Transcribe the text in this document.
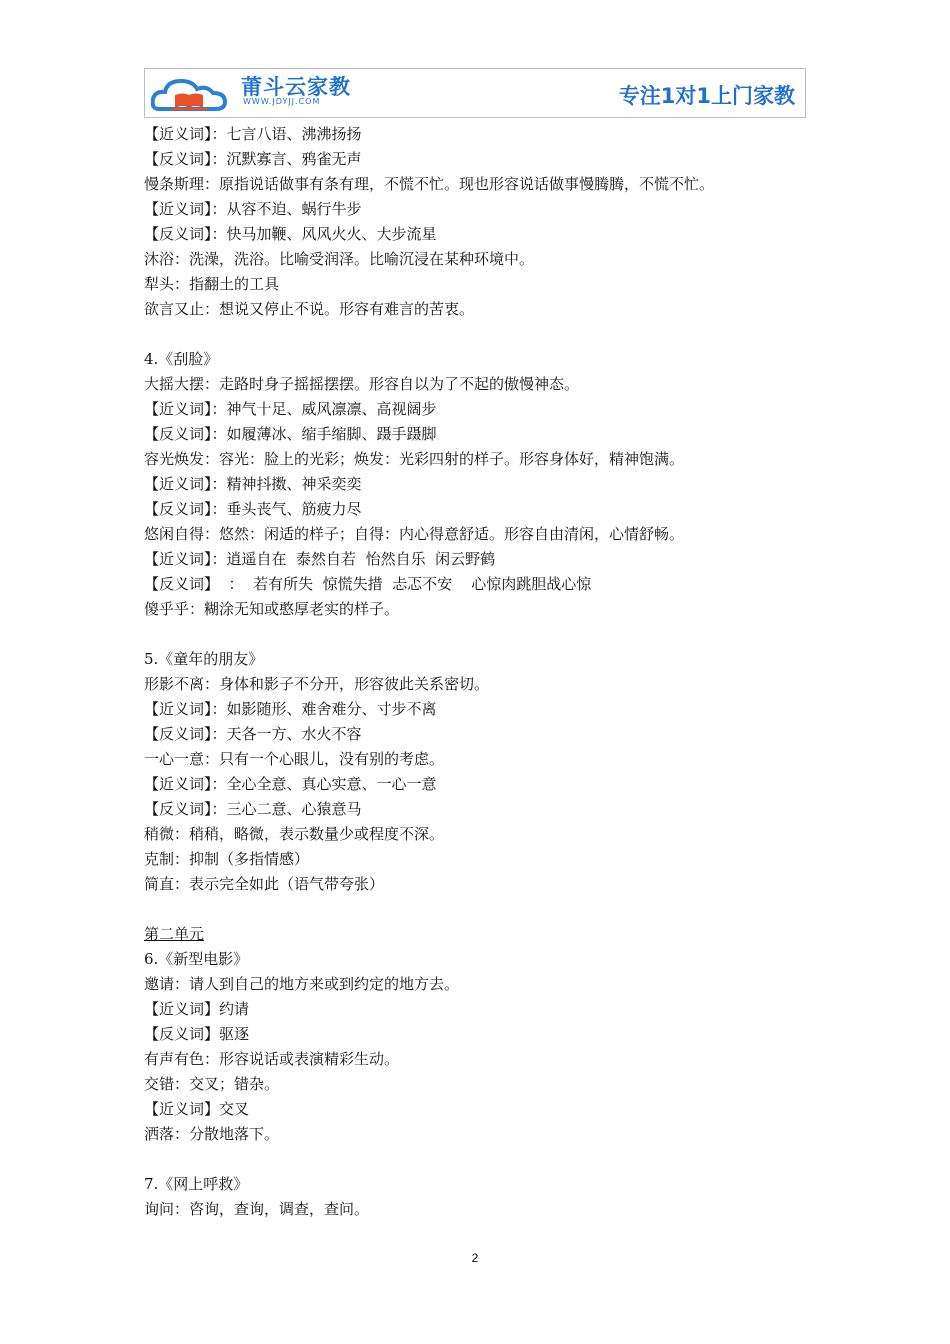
莆斗云家教
WWW.JDYJJ.COM	专注1对1上门家教
【近义词】：七言八语、沸沸扬扬
【反义词】：沉默寡言、鸦雀无声
慢条斯理：原指说话做事有条有理，不慌不忙。现也形容说话做事慢腾腾，不慌不忙。
【近义词】：从容不迫、蜗行牛步
【反义词】：快马加鞭、风风火火、大步流星
沐浴：洗澡，洗浴。比喻受润泽。比喻沉浸在某种环境中。
犁头：指翻土的工具
欲言又止：想说又停止不说。形容有难言的苦衷。
4.《刮脸》
大摇大摆：走路时身子摇摇摆摆。形容自以为了不起的傲慢神态。
【近义词】：神气十足、威风凛凛、高视阔步
【反义词】：如履薄冰、缩手缩脚、蹑手蹑脚
容光焕发：容光：脸上的光彩；焕发：光彩四射的样子。形容身体好，精神饱满。
【近义词】：精神抖擞、神采奕奕
【反义词】：垂头丧气、筋疲力尽
悠闲自得：悠然：闲适的样子；自得：内心得意舒适。形容自由清闲，心情舒畅。
【近义词】：逍遥自在  泰然自若  怡然自乐  闲云野鹤
【反义词】  ：  若有所失  惊慌失措  忐忑不安    心惊肉跳胆战心惊
傻乎乎：糊涂无知或憨厚老实的样子。
5.《童年的朋友》
形影不离：身体和影子不分开，形容彼此关系密切。
【近义词】：如影随形、难舍难分、寸步不离
【反义词】：天各一方、水火不容
一心一意：只有一个心眼儿，没有别的考虑。
【近义词】：全心全意、真心实意、一心一意
【反义词】：三心二意、心猿意马
稍微：稍稍，略微，表示数量少或程度不深。
克制：抑制（多指情感）
简直：表示完全如此（语气带夸张）
第二单元
6.《新型电影》
邀请：请人到自己的地方来或到约定的地方去。
【近义词】约请
【反义词】驱逐
有声有色：形容说话或表演精彩生动。
交错：交叉；错杂。
【近义词】交叉
洒落：分散地落下。
7.《网上呼救》
询问：咨询，查询，调查，查问。
2
